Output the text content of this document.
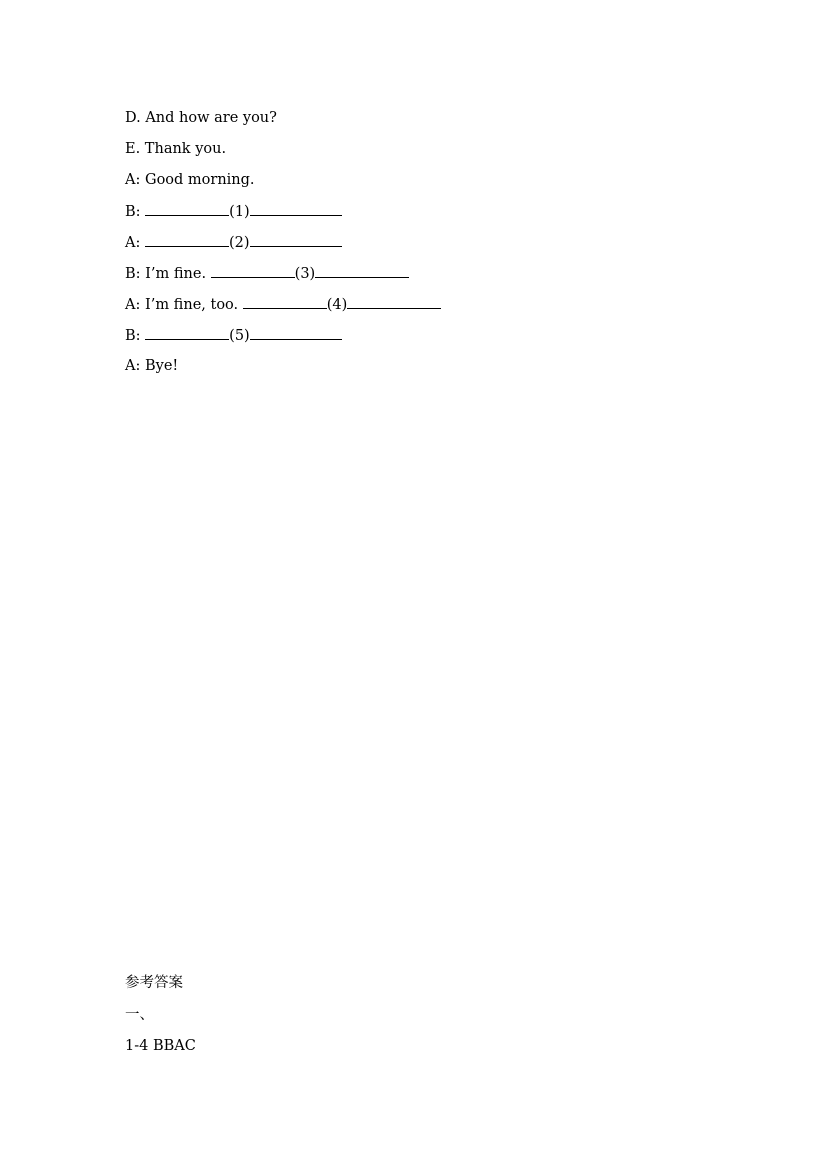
D. And how are you?
E. Thank you.
A: Good morning.
B:	(1)
A:	(2)
B: I’m fine.	(3)
A: I’m fine, too.	(4)
B:	(5)
A: Bye!
参考答案
一、
1-4 BBAC
